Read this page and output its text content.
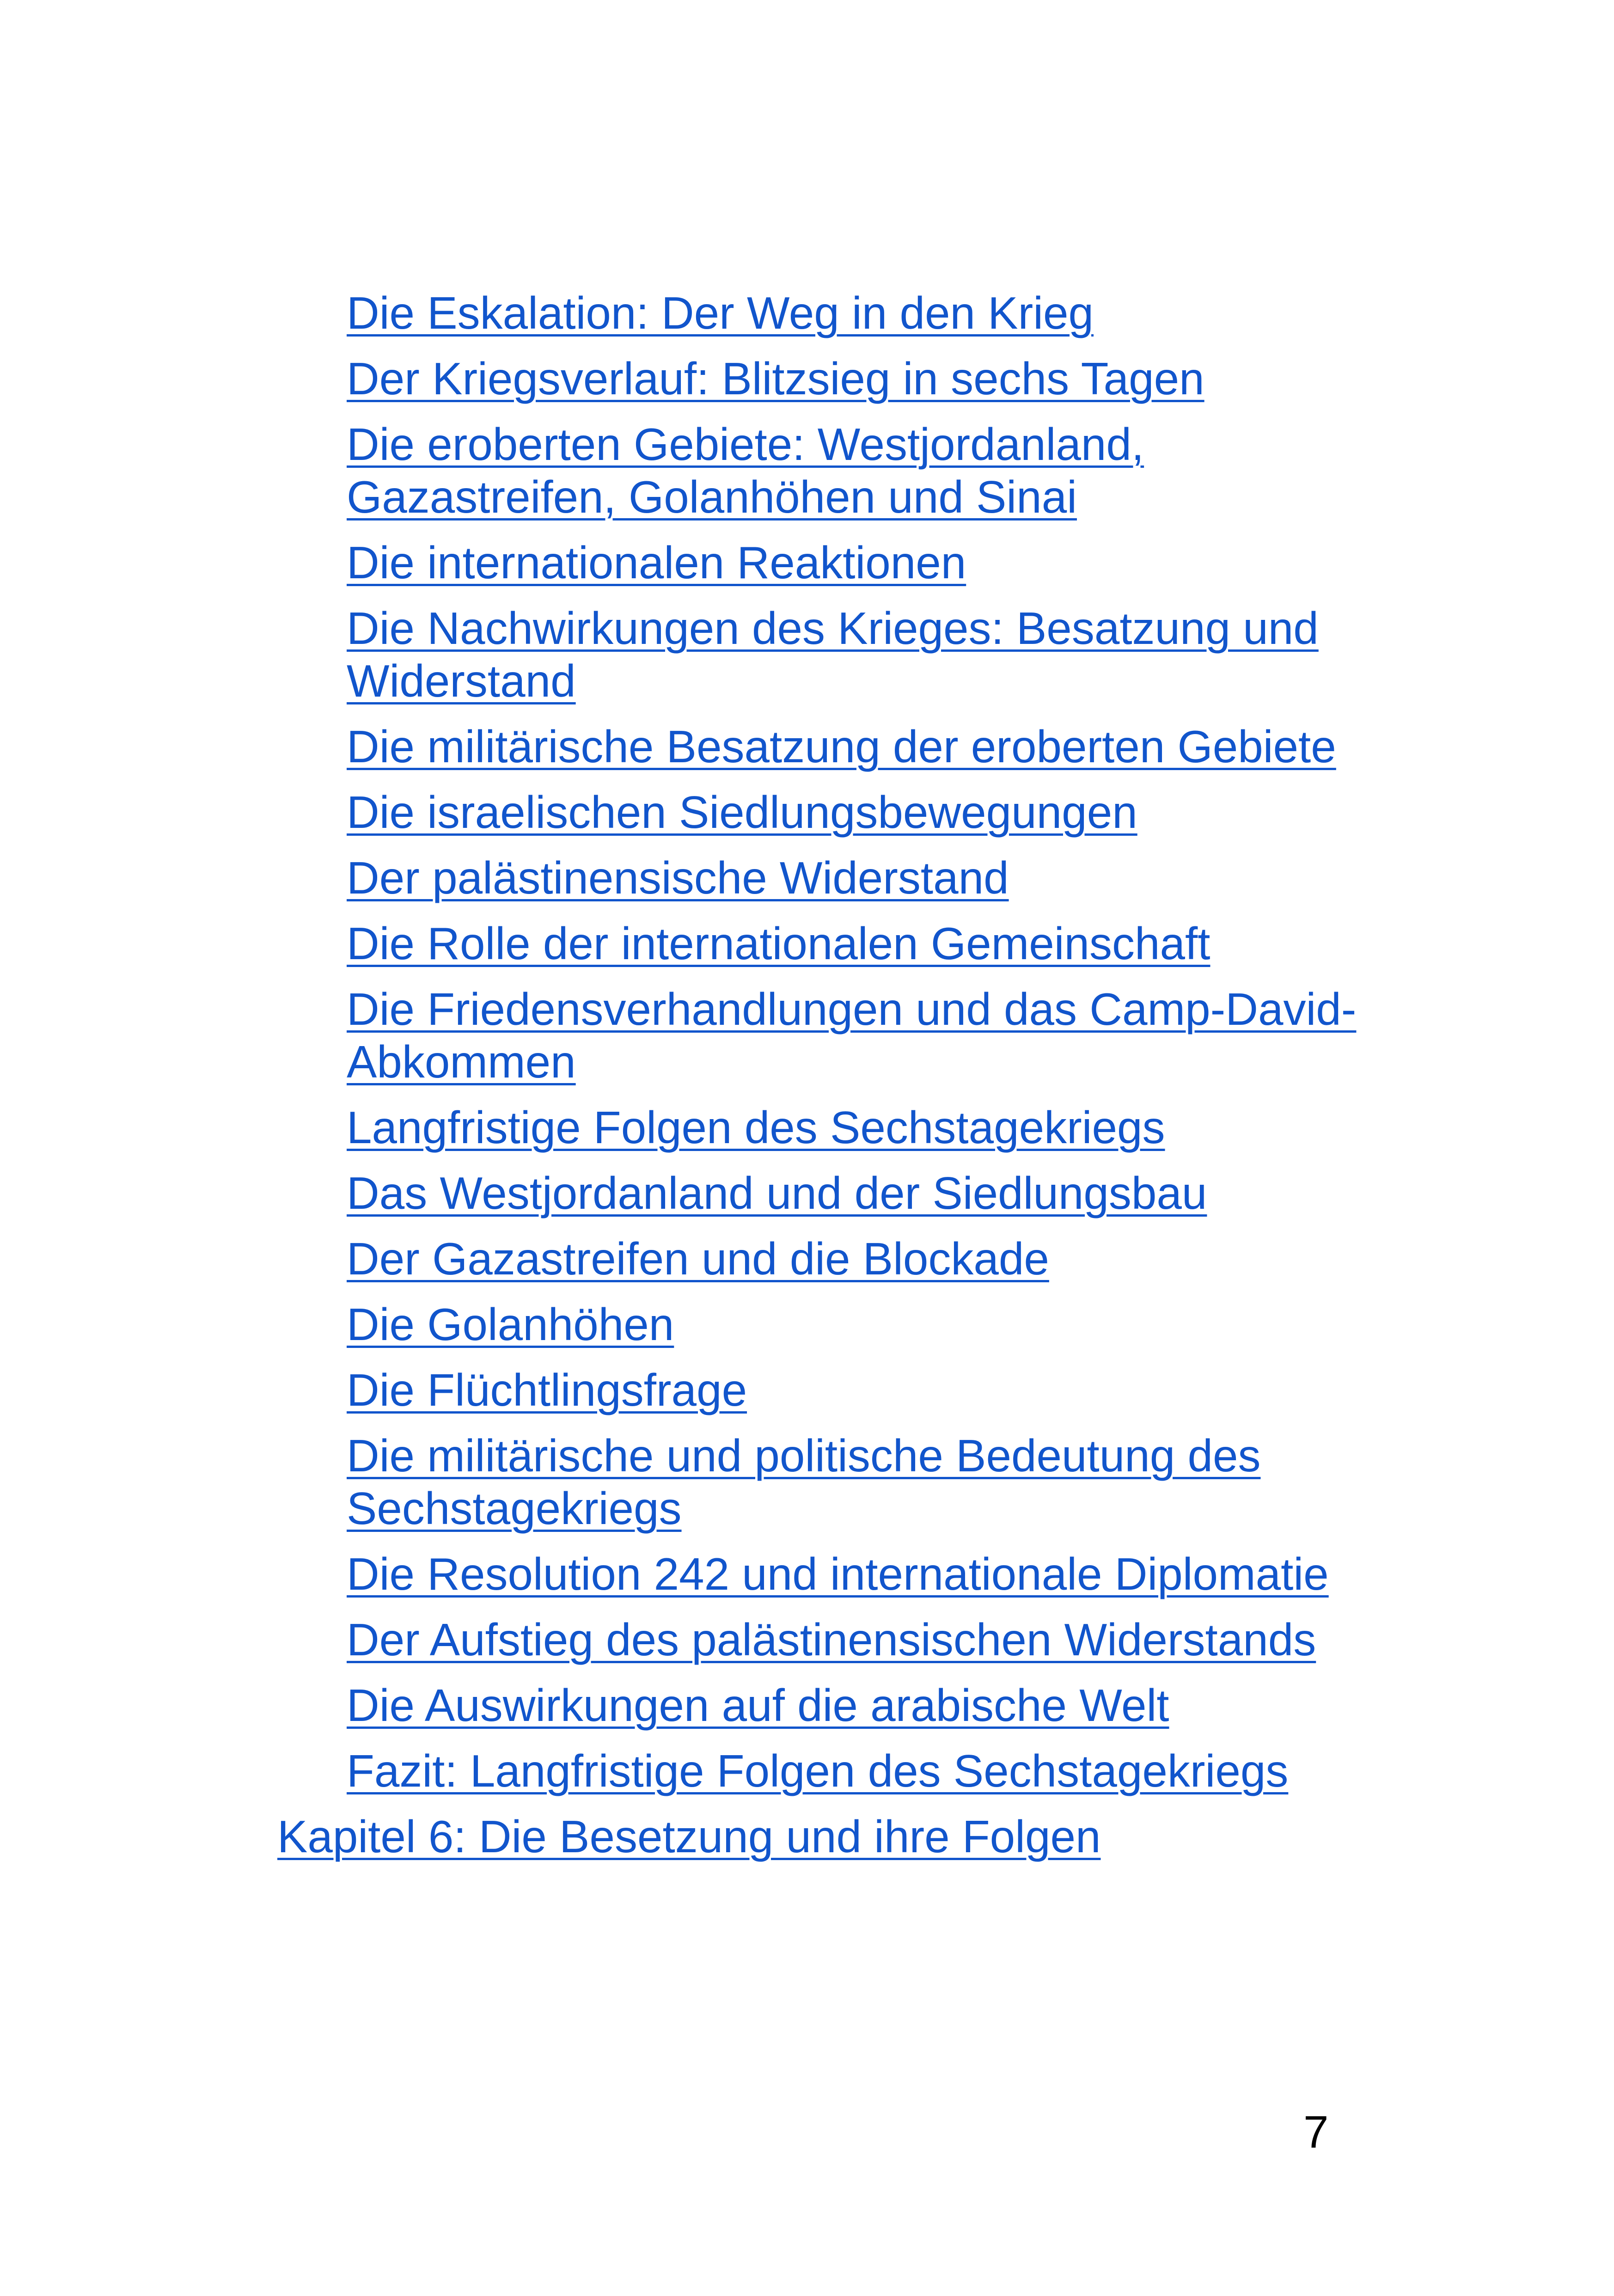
Die Eskalation: Der Weg in den Krieg
Der Kriegsverlauf: Blitzsieg in sechs Tagen
Die eroberten Gebiete: Westjordanland, Gazastreifen, Golanhöhen und Sinai
Die internationalen Reaktionen
Die Nachwirkungen des Krieges: Besatzung und Widerstand
Die militärische Besatzung der eroberten Gebiete
Die israelischen Siedlungsbewegungen
Der palästinensische Widerstand
Die Rolle der internationalen Gemeinschaft
Die Friedensverhandlungen und das Camp-David-Abkommen
Langfristige Folgen des Sechstagekriegs
Das Westjordanland und der Siedlungsbau
Der Gazastreifen und die Blockade
Die Golanhöhen
Die Flüchtlingsfrage
Die militärische und politische Bedeutung des Sechstagekriegs
Die Resolution 242 und internationale Diplomatie
Der Aufstieg des palästinensischen Widerstands
Die Auswirkungen auf die arabische Welt
Fazit: Langfristige Folgen des Sechstagekriegs
Kapitel 6: Die Besetzung und ihre Folgen
7
